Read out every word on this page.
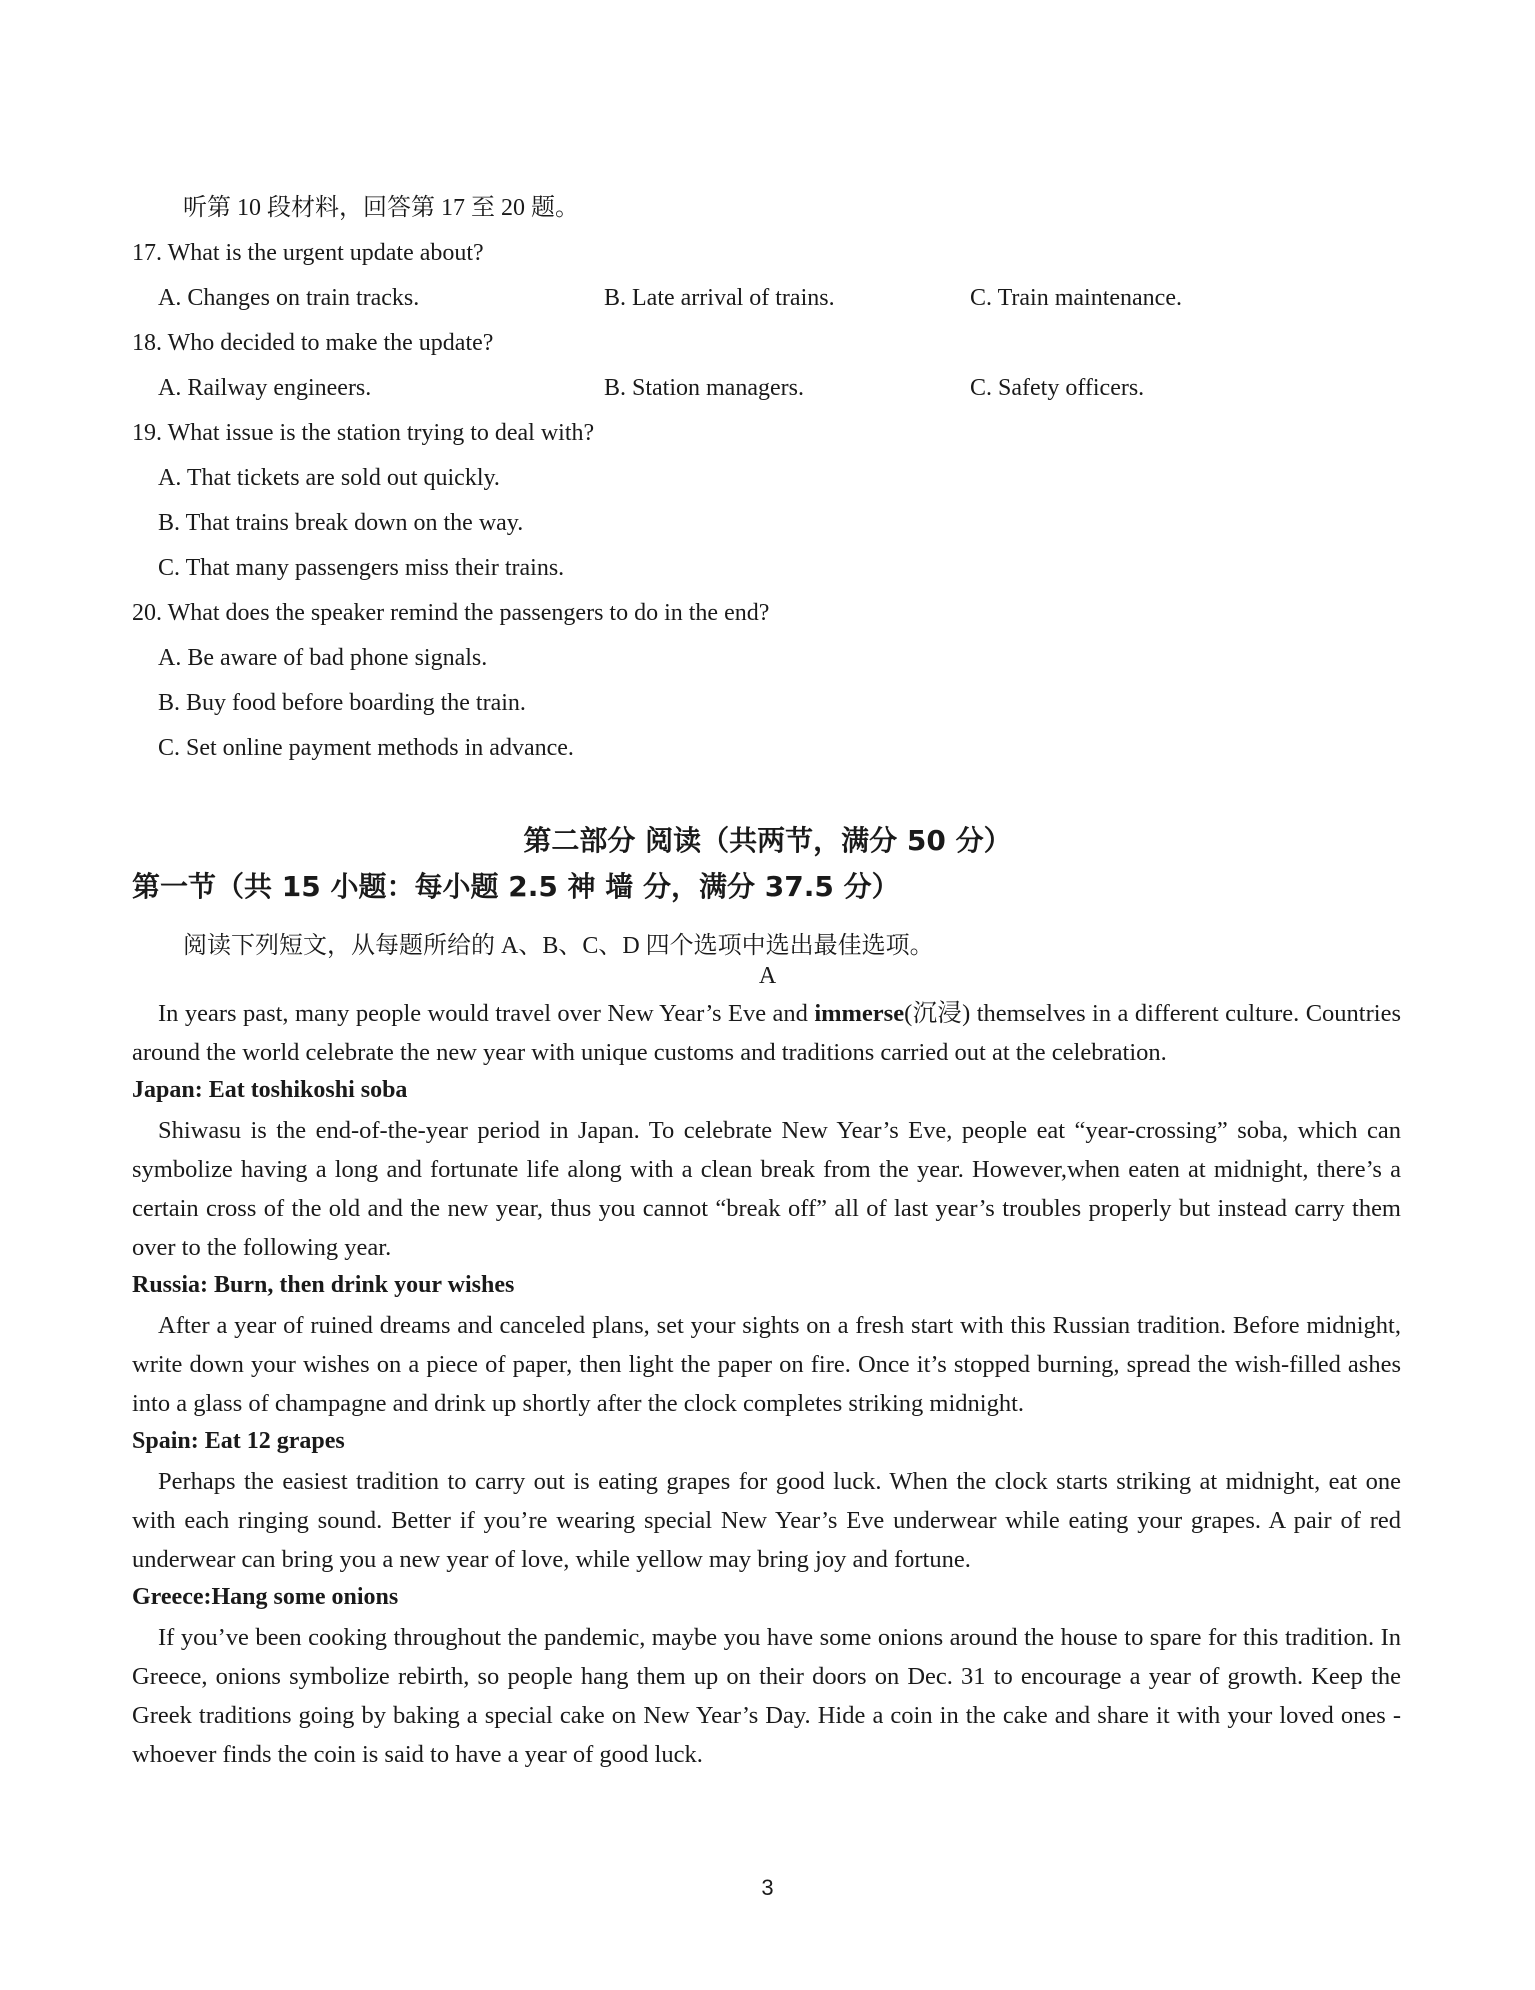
听第 10 段材料，回答第 17 至 20 题。
17. What is the urgent update about?
A. Changes on train tracks.	B. Late arrival of trains.	C. Train maintenance.
18. Who decided to make the update?
A. Railway engineers.	B. Station managers.	C. Safety officers.
19. What issue is the station trying to deal with?
A. That tickets are sold out quickly.
B. That trains break down on the way.
C. That many passengers miss their trains.
20. What does the speaker remind the passengers to do in the end?
A. Be aware of bad phone signals.
B. Buy food before boarding the train.
C. Set online payment methods in advance.
第二部分 阅读（共两节，满分 50 分）
第一节（共 15 小题：每小题 2.5 神 墙 分，满分 37.5 分）
阅读下列短文，从每题所给的 A、B、C、D 四个选项中选出最佳选项。
A

In years past, many people would travel over New Year’s Eve and immerse(沉浸) themselves in a different culture. Countries around the world celebrate the new year with unique customs and traditions carried out at the celebration.

Japan: Eat toshikoshi soba

Shiwasu is the end-of-the-year period in Japan. To celebrate New Year’s Eve, people eat “year-crossing” soba, which can symbolize having a long and fortunate life along with a clean break from the year. However,when eaten at midnight, there’s a certain cross of the old and the new year, thus you cannot “break off” all of last year’s troubles properly but instead carry them over to the following year.

Russia: Burn, then drink your wishes

After a year of ruined dreams and canceled plans, set your sights on a fresh start with this Russian tradition. Before midnight, write down your wishes on a piece of paper, then light the paper on fire. Once it’s stopped burning, spread the wish-filled ashes into a glass of champagne and drink up shortly after the clock completes striking midnight.

Spain: Eat 12 grapes

Perhaps the easiest tradition to carry out is eating grapes for good luck. When the clock starts striking at midnight, eat one with each ringing sound. Better if you’re wearing special New Year’s Eve underwear while eating your grapes. A pair of red underwear can bring you a new year of love, while yellow may bring joy and fortune.

Greece:Hang some onions

If you’ve been cooking throughout the pandemic, maybe you have some onions around the house to spare for this tradition. In Greece, onions symbolize rebirth, so people hang them up on their doors on Dec. 31 to encourage a year of growth. Keep the Greek traditions going by baking a special cake on New Year’s Day. Hide a coin in the cake and share it with your loved ones - whoever finds the coin is said to have a year of good luck.

3
